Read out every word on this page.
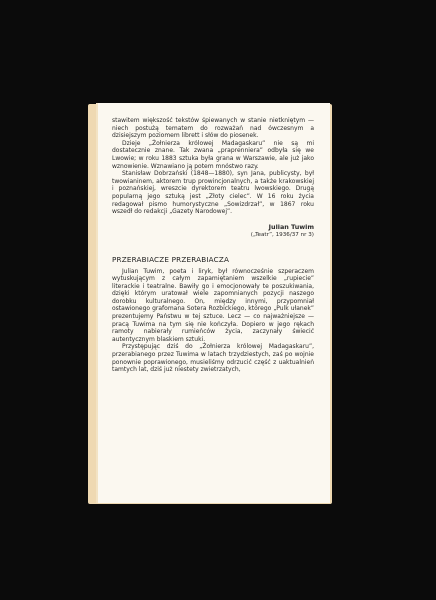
stawitem większość tekstów śpiewanych w stanie nietkniętym — niech postużą tematem do rozważań nad ówczesnym a dzisiejszym poziomem librett i słów do piosenek.

Dzieje „Żołnierza królowej Madagaskaru” nie są mi dostatecznie znane. Tak zwana „praprenniera” odbyła się we Lwowie; w roku 1883 sztuka była grana w Warszawie, ale już jako wznowienie. Wznawiano ją potem mnóstwo razy.

Stanisław Dobrzański (1848—1880), syn Jana, publicysty, był twowianinem, aktorem trup prowincjonalnych, a także krakowskiej i poznańskiej, wreszcie dyrektorem teatru lwowskiego. Drugą popularną jego sztuką jest „Złoty cielec”. W 16 roku życia redagował pismo humorystyczne „Sowizdrzał”, w 1867 roku wszedł do redakcji „Gazety Narodowej”.

Julian Tuwim
(„Teatr”, 1936/37 nr 3)
PRZERABIACZE PRZERABIACZA

Julian Tuwim, poeta i liryk, był równocześnie szperaczem wytuskującym z całym zapamiętaniem wszelkie „rupiecie” literackie i teatralne. Bawiły go i emocjonowały te poszukiwania, dzięki którym uratował wiele zapomnianych pozycji naszego dorobku kulturalnego. On, między innymi, przypomniał ostawionego grafomana Sotera Rozbickiego, którego „Pulk ułanek” prezentujemy Państwu w tej sztuce. Lecz — co najważniejsze — pracą Tuwima na tym się nie kończyła. Dopiero w jego rękach ramoty nabierały rumieńców życia, zaczynały świecić autentycznym blaskiem sztuki.

Przystępując dziś do „Żołnierza królowej Madagaskaru”, przerabianego przez Tuwima w latach trzydziestych, zaś po wojnie ponownie poprawionego, musieliśmy odrzucić część z uaktualnień tamtych lat, dziś już niestety zwietrzatych,
